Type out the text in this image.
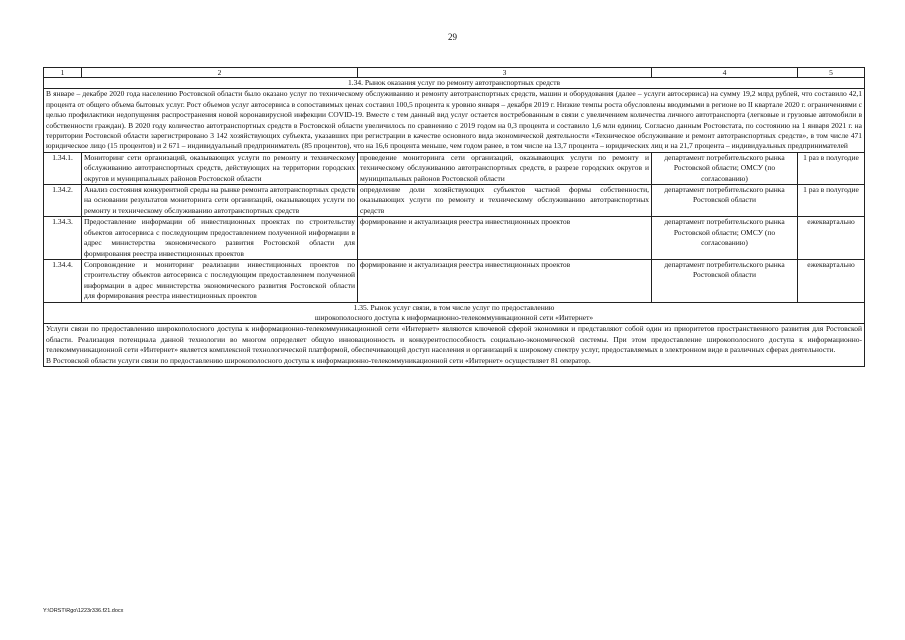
29
1	2	3	4	5
1.34. Рынок оказания услуг по ремонту автотранспортных средств				
В январе – декабре 2020 года населению Ростовской области было оказано услуг по техническому обслуживанию и ремонту автотранспортных средств, машин и оборудования (далее – услуги автосервиса) на сумму 19,2 млрд рублей, что составило 42,1 процента от общего объема бытовых услуг. Рост объемов услуг автосервиса в сопоставимых ценах составил 100,5 процента к уровню января – декабря 2019 г. Низкие темпы роста обусловлены вводимыми в регионе во II квартале 2020 г. ограничениями с целью профилактики недопущения распространения новой коронавирусной инфекции COVID-19. Вместе с тем данный вид услуг остается востребованным в связи с увеличением количества личного автотранспорта (легковые и грузовые автомобили в собственности граждан). В 2020 году количество автотранспортных средств в Ростовской области увеличилось по сравнению с 2019 годом на 0,3 процента и составило 1,6 млн единиц. Согласно данным Ростовстата, по состоянию на 1 января 2021 г. на территории Ростовской области зарегистрировано 3 142 хозяйствующих субъекта, указавших при регистрации в качестве основного вида экономической деятельности «Техническое обслуживание и ремонт автотранспортных средств», в том числе 471 юридическое лицо (15 процентов) и 2 671 – индивидуальный предприниматель (85 процентов), что на 16,6 процента меньше, чем годом ранее, в том числе на 13,7 процента – юридических лиц и на 21,7 процента – индивидуальных предпринимателей				
1.34.1.	Мониторинг сети организаций, оказывающих услуги по ремонту и техническому обслуживанию автотранспортных средств, действующих на территории городских округов и муниципальных районов Ростовской области	проведение мониторинга сети организаций, оказывающих услуги по ремонту и техническому обслуживанию автотранспортных средств, в разрезе городских округов и муниципальных районов Ростовской области	департамент потребительского рынка Ростовской области; ОМСУ (по согласованию)	1 раз в полугодие
1.34.2.	Анализ состояния конкурентной среды на рынке ремонта автотранспортных средств на основании результатов мониторинга сети организаций, оказывающих услуги по ремонту и техническому обслуживанию автотранспортных средств	определение доли хозяйствующих субъектов частной формы собственности, оказывающих услуги по ремонту и техническому обслуживанию автотранспортных средств	департамент потребительского рынка Ростовской области	1 раз в полугодие
1.34.3.	Предоставление информации об инвестиционных проектах по строительству объектов автосервиса с последующим предоставлением полученной информации в адрес министерства экономического развития Ростовской области для формирования реестра инвестиционных проектов	формирование и актуализация реестра инвестиционных проектов	департамент потребительского рынка Ростовской области; ОМСУ (по согласованию)	ежеквартально
1.34.4.	Сопровождение и мониторинг реализации инвестиционных проектов по строительству объектов автосервиса с последующим предоставлением полученной информации в адрес министерства экономического развития Ростовской области для формирования реестра инвестиционных проектов	формирование и актуализация реестра инвестиционных проектов	департамент потребительского рынка Ростовской области	ежеквартально
1.35. Рынок услуг связи, в том числе услуг по предоставлению
широкополосного доступа к информационно-телекоммуникационной сети «Интернет»				

Услуги связи по предоставлению широкополосного доступа к информационно-телекоммуникационной сети «Интернет» являются ключевой сферой экономики и представляют собой один из приоритетов пространственного развития для Ростовской области. Реализация потенциала данной технологии во многом определяет общую инновационность и конкурентоспособность социально-экономической системы. При этом предоставление широкополосного доступа к информационно-телекоммуникационной сети «Интернет» является комплексной технологической платформой, обеспечивающей доступ населения и организаций к широкому спектру услуг, предоставляемых в электронном виде в различных сферах деятельности.
В Ростовской области услуги связи по предоставлению широкополосного доступа к информационно-телекоммуникационной сети «Интернет» осуществляет 81 оператор.				
Y:\ORST\Rgo\1223r336.f21.docx
